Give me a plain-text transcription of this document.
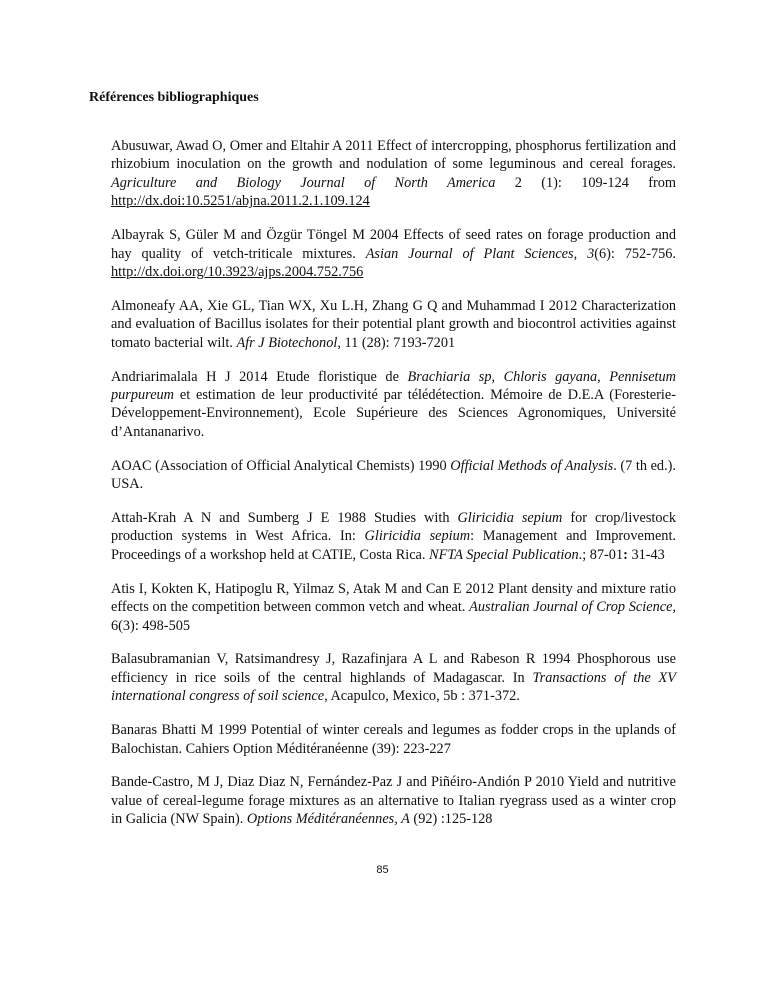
Références bibliographiques
Abusuwar, Awad O, Omer and Eltahir A 2011 Effect of intercropping, phosphorus fertilization and rhizobium inoculation on the growth and nodulation of some leguminous and cereal forages. Agriculture and Biology Journal of North America 2 (1): 109-124 from http://dx.doi:10.5251/abjna.2011.2.1.109.124
Albayrak S, Güler M and Özgür Töngel M 2004 Effects of seed rates on forage production and hay quality of vetch-triticale mixtures. Asian Journal of Plant Sciences, 3(6): 752-756. http://dx.doi.org/10.3923/ajps.2004.752.756
Almoneafy AA, Xie GL, Tian WX, Xu L.H, Zhang G Q and Muhammad I 2012 Characterization and evaluation of Bacillus isolates for their potential plant growth and biocontrol activities against tomato bacterial wilt. Afr J Biotechonol, 11 (28): 7193-7201
Andriarimalala H J 2014 Etude floristique de Brachiaria sp, Chloris gayana, Pennisetum purpureum et estimation de leur productivité par télédétection. Mémoire de D.E.A (Foresterie-Développement-Environnement), Ecole Supérieure des Sciences Agronomiques, Université d’Antananarivo.
AOAC (Association of Official Analytical Chemists) 1990 Official Methods of Analysis. (7 th ed.). USA.
Attah-Krah A N and Sumberg J E 1988 Studies with Gliricidia sepium for crop/livestock production systems in West Africa. In: Gliricidia sepium: Management and Improvement. Proceedings of a workshop held at CATIE, Costa Rica. NFTA Special Publication.; 87-01: 31-43
Atis I, Kokten K, Hatipoglu R, Yilmaz S, Atak M and Can E 2012 Plant density and mixture ratio effects on the competition between common vetch and wheat. Australian Journal of Crop Science, 6(3): 498-505
Balasubramanian V, Ratsimandresy J, Razafinjara A L and Rabeson R 1994 Phosphorous use efficiency in rice soils of the central highlands of Madagascar. In Transactions of the XV international congress of soil science, Acapulco, Mexico, 5b : 371-372.
Banaras Bhatti M 1999 Potential of winter cereals and legumes as fodder crops in the uplands of Balochistan. Cahiers Option Méditéranéenne (39): 223-227
Bande-Castro, M J, Diaz Diaz N, Fernández-Paz J and Piñéiro-Andión P 2010 Yield and nutritive value of cereal-legume forage mixtures as an alternative to Italian ryegrass used as a winter crop in Galicia (NW Spain). Options Méditéranéennes, A (92) :125-128

85
